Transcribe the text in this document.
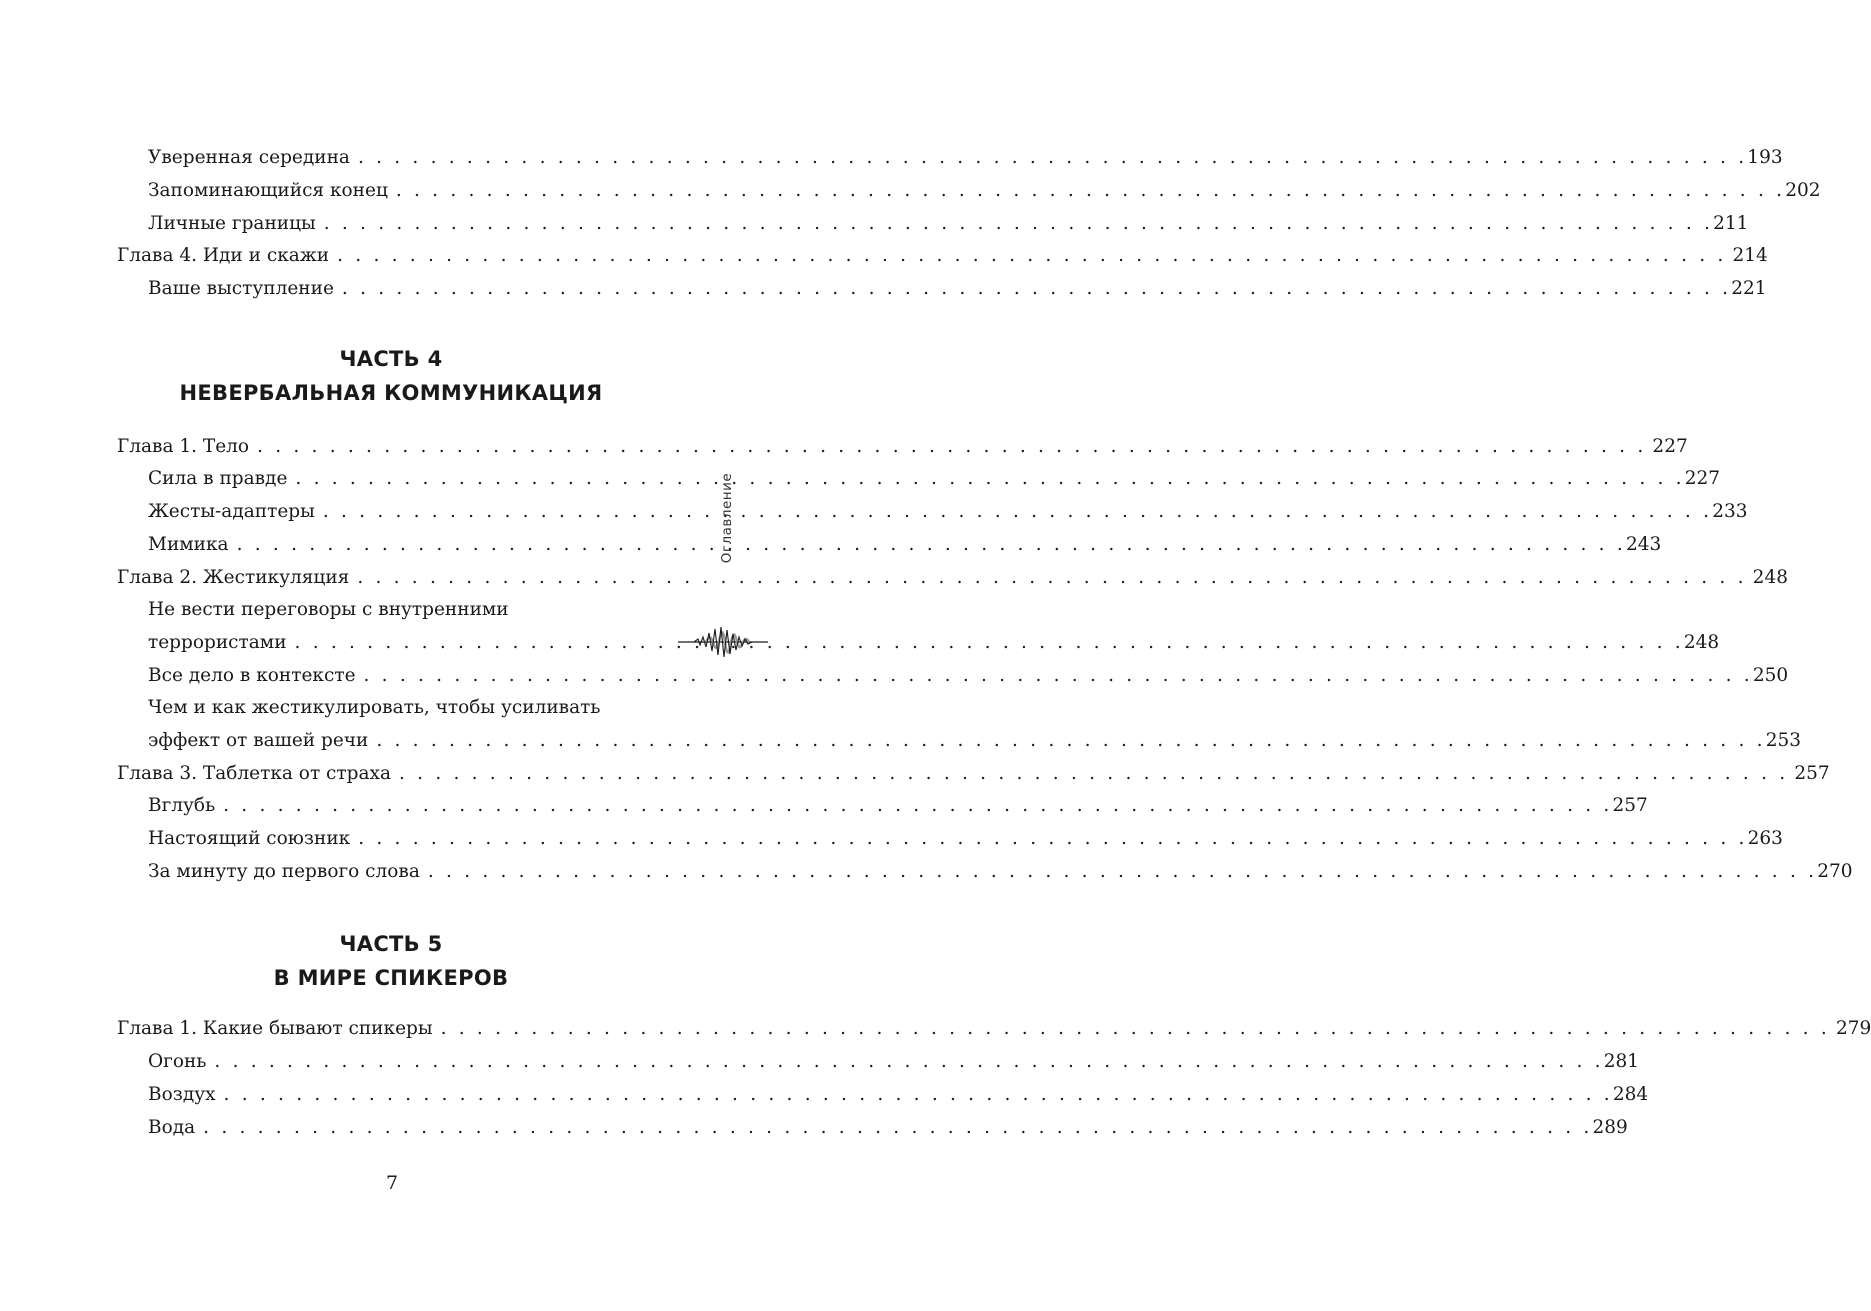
Уверенная середина . . . . . . . . . . . . . . . . . . . . . . . . . . . . . . . . . . . . . . . . . . . . . . . . . . . . . . . . . . . . . . . . . . . . . . . . . . . . . 193
Запоминающийся конец . . . . . . . . . . . . . . . . . . . . . . . . . . . . . . . . . . . . . . . . . . . . . . . . . . . . . . . . . . . . . . . . . . . . . . . . . . . . . 202
Личные границы . . . . . . . . . . . . . . . . . . . . . . . . . . . . . . . . . . . . . . . . . . . . . . . . . . . . . . . . . . . . . . . . . . . . . . . . . . . . . 211
Глава 4. Иди и скажи . . . . . . . . . . . . . . . . . . . . . . . . . . . . . . . . . . . . . . . . . . . . . . . . . . . . . . . . . . . . . . . . . . . . . . . . . . . . . 214
Ваше выступление . . . . . . . . . . . . . . . . . . . . . . . . . . . . . . . . . . . . . . . . . . . . . . . . . . . . . . . . . . . . . . . . . . . . . . . . . . . . . 221
ЧАСТЬ 4
НЕВЕРБАЛЬНАЯ КОММУНИКАЦИЯ
Глава 1. Тело . . . . . . . . . . . . . . . . . . . . . . . . . . . . . . . . . . . . . . . . . . . . . . . . . . . . . . . . . . . . . . . . . . . . . . . . . . . . . 227
Сила в правде . . . . . . . . . . . . . . . . . . . . . . . . . . . . . . . . . . . . . . . . . . . . . . . . . . . . . . . . . . . . . . . . . . . . . . . . . . . . . 227
Жесты-адаптеры . . . . . . . . . . . . . . . . . . . . . . . . . . . . . . . . . . . . . . . . . . . . . . . . . . . . . . . . . . . . . . . . . . . . . . . . . . . . . 233
Мимика . . . . . . . . . . . . . . . . . . . . . . . . . . . . . . . . . . . . . . . . . . . . . . . . . . . . . . . . . . . . . . . . . . . . . . . . . . . . . 243
Глава 2. Жестикуляция . . . . . . . . . . . . . . . . . . . . . . . . . . . . . . . . . . . . . . . . . . . . . . . . . . . . . . . . . . . . . . . . . . . . . . . . . . . . . 248
Не вести переговоры с внутренними
террористами . . . . . . . . . . . . . . . . . . . . . . . . . . . . . . . . . . . . . . . . . . . . . . . . . . . . . . . . . . . . . . . . . . . . . . . . . . . . . 248
Все дело в контексте . . . . . . . . . . . . . . . . . . . . . . . . . . . . . . . . . . . . . . . . . . . . . . . . . . . . . . . . . . . . . . . . . . . . . . . . . . . . . 250
Чем и как жестикулировать, чтобы усиливать
эффект от вашей речи . . . . . . . . . . . . . . . . . . . . . . . . . . . . . . . . . . . . . . . . . . . . . . . . . . . . . . . . . . . . . . . . . . . . . . . . . . . . . 253
Глава 3. Таблетка от страха . . . . . . . . . . . . . . . . . . . . . . . . . . . . . . . . . . . . . . . . . . . . . . . . . . . . . . . . . . . . . . . . . . . . . . . . . . . . . 257
Вглубь . . . . . . . . . . . . . . . . . . . . . . . . . . . . . . . . . . . . . . . . . . . . . . . . . . . . . . . . . . . . . . . . . . . . . . . . . . . . . 257
Настоящий союзник . . . . . . . . . . . . . . . . . . . . . . . . . . . . . . . . . . . . . . . . . . . . . . . . . . . . . . . . . . . . . . . . . . . . . . . . . . . . . 263
За минуту до первого слова . . . . . . . . . . . . . . . . . . . . . . . . . . . . . . . . . . . . . . . . . . . . . . . . . . . . . . . . . . . . . . . . . . . . . . . . . . . . . 270
ЧАСТЬ 5
В МИРЕ СПИКЕРОВ
Глава 1. Какие бывают спикеры . . . . . . . . . . . . . . . . . . . . . . . . . . . . . . . . . . . . . . . . . . . . . . . . . . . . . . . . . . . . . . . . . . . . . . . . . . . . . 279
Огонь . . . . . . . . . . . . . . . . . . . . . . . . . . . . . . . . . . . . . . . . . . . . . . . . . . . . . . . . . . . . . . . . . . . . . . . . . . . . . 281
Воздух . . . . . . . . . . . . . . . . . . . . . . . . . . . . . . . . . . . . . . . . . . . . . . . . . . . . . . . . . . . . . . . . . . . . . . . . . . . . . 284
Вода . . . . . . . . . . . . . . . . . . . . . . . . . . . . . . . . . . . . . . . . . . . . . . . . . . . . . . . . . . . . . . . . . . . . . . . . . . . . . 289
Оглавление
7
